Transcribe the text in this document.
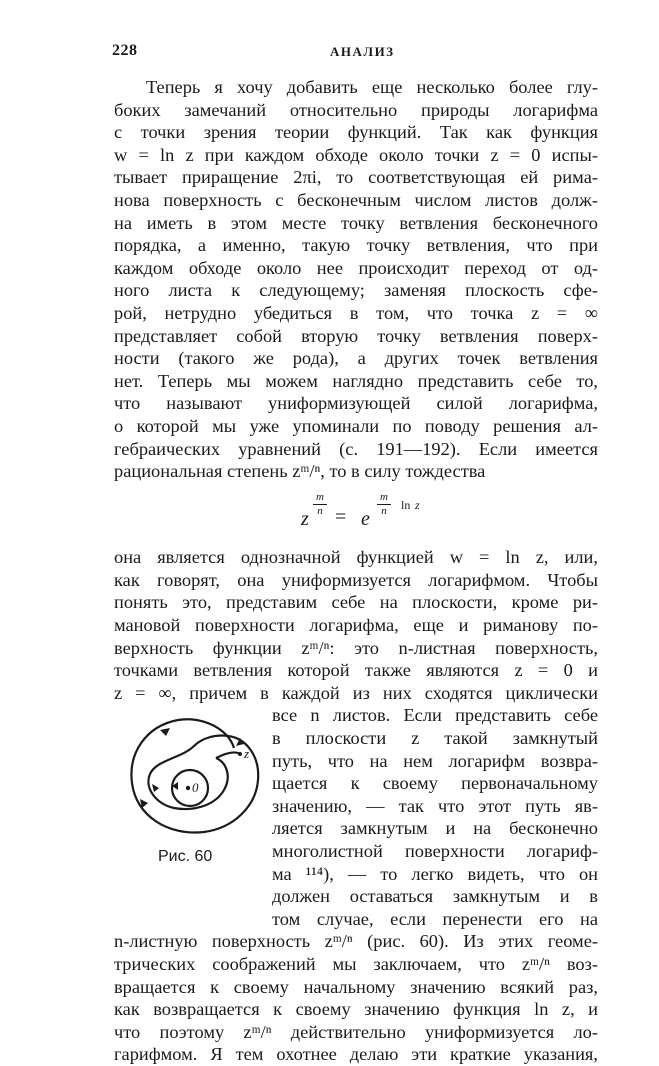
228	АНАЛИЗ
Теперь я хочу добавить еще несколько более глу-
боких замечаний относительно природы логарифма
с точки зрения теории функций. Так как функция
w = ln z при каждом обходе около точки z = 0 испы-
тывает приращение 2πi, то соответствующая ей римa-
нова поверхность с бесконечным числом листов долж-
на иметь в этом месте точку ветвления бесконечного
порядка, а именно, такую точку ветвления, что при
каждом обходе около нее происходит переход от од-
ного листа к следующему; заменяя плоскость сфе-
рой, нетрудно убедиться в том, что точка z = ∞
представляет собой вторую точку ветвления поверх-
ности (такого же рода), а других точек ветвления
нет. Теперь мы можем наглядно представить себе то,
что называют униформизующей силой логарифма,
о которой мы уже упоминали по поводу решения ал-
гебраических уравнений (с. 191—192). Если имеется
рациональная степень zᵐ/ⁿ, то в силу тождества
z
m
n = e
m
n	ln z
она является однозначной функцией w = ln z, или,
как говорят, она униформизуется логарифмом. Чтобы
понять это, представим себе на плоскости, кроме ри-
мановой поверхности логарифма, еще и риманову по-
верхность функции zᵐ/ⁿ: это n-листная поверхность,
точками ветвления которой также являются z = 0 и
z = ∞, причем в каждой из них сходятся циклически
все n листов. Если представить себе
в плоскости z такой замкнутый
путь, что на нем логарифм возвра-
щается к своему первоначальному
значению, — так что этот путь яв-
ляется замкнутым и на бесконечно
многолистной поверхности логариф-
ма ¹¹⁴), — то легко видеть, что он
должен оставаться замкнутым и в
том случае, если перенести его на
z
0
Рис. 60
n-листную поверхность zᵐ/ⁿ (рис. 60). Из этих геоме-
трических соображений мы заключаем, что zᵐ/ⁿ воз-
вращается к своему начальному значению всякий раз,
как возвращается к своему значению функция ln z, и
что поэтому zᵐ/ⁿ действительно униформизуется ло-
гарифмом. Я тем охотнее делаю эти краткие указания,
